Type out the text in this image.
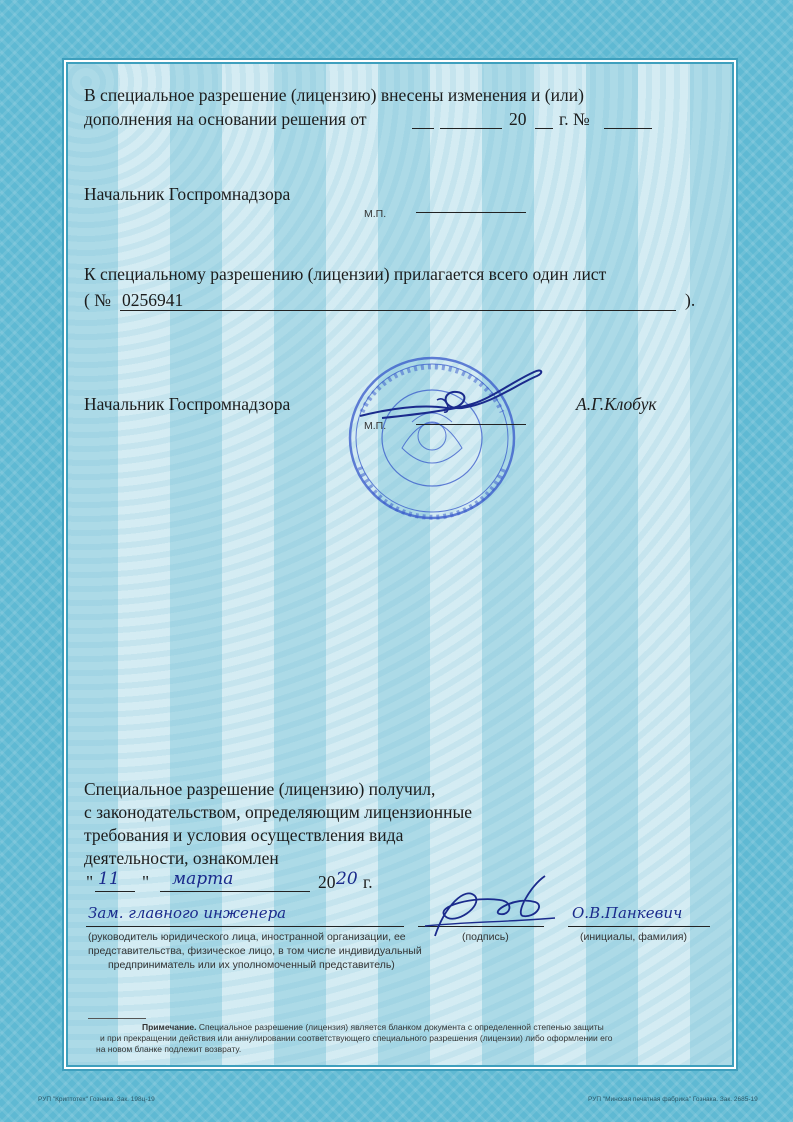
В специальное разрешение (лицензию) внесены изменения и (или)
дополнения на основании решения от	20 г. №
Начальник Госпромнадзора
М.П.
К специальному разрешению (лицензии) прилагается всего один лист
( № 0256941	).
Начальник Госпромнадзора
М.П.
А.Г.Клобук
Специальное разрешение (лицензию) получил,
с законодательством, определяющим лицензионные
требования и условия осуществления вида
деятельности, ознакомлен
" 11 " марта	20 20 г.
Зам. главного инженера	О.В.Панкевич
(руководитель юридического лица, иностранной организации, ее
представительства, физическое лицо, в том числе индивидуальный
предприниматель или их уполномоченный представитель)
(подпись)	(инициалы, фамилия)
Примечание. Специальное разрешение (лицензия) является бланком документа с определенной степенью защиты
и при прекращении действия или аннулировании соответствующего специального разрешения (лицензии) либо оформлении его
на новом бланке подлежит возврату.
РУП "Криптотех" Гознака. Зак. 198ц-19	РУП "Минская печатная фабрика" Гознака. Зак. 2685-19
